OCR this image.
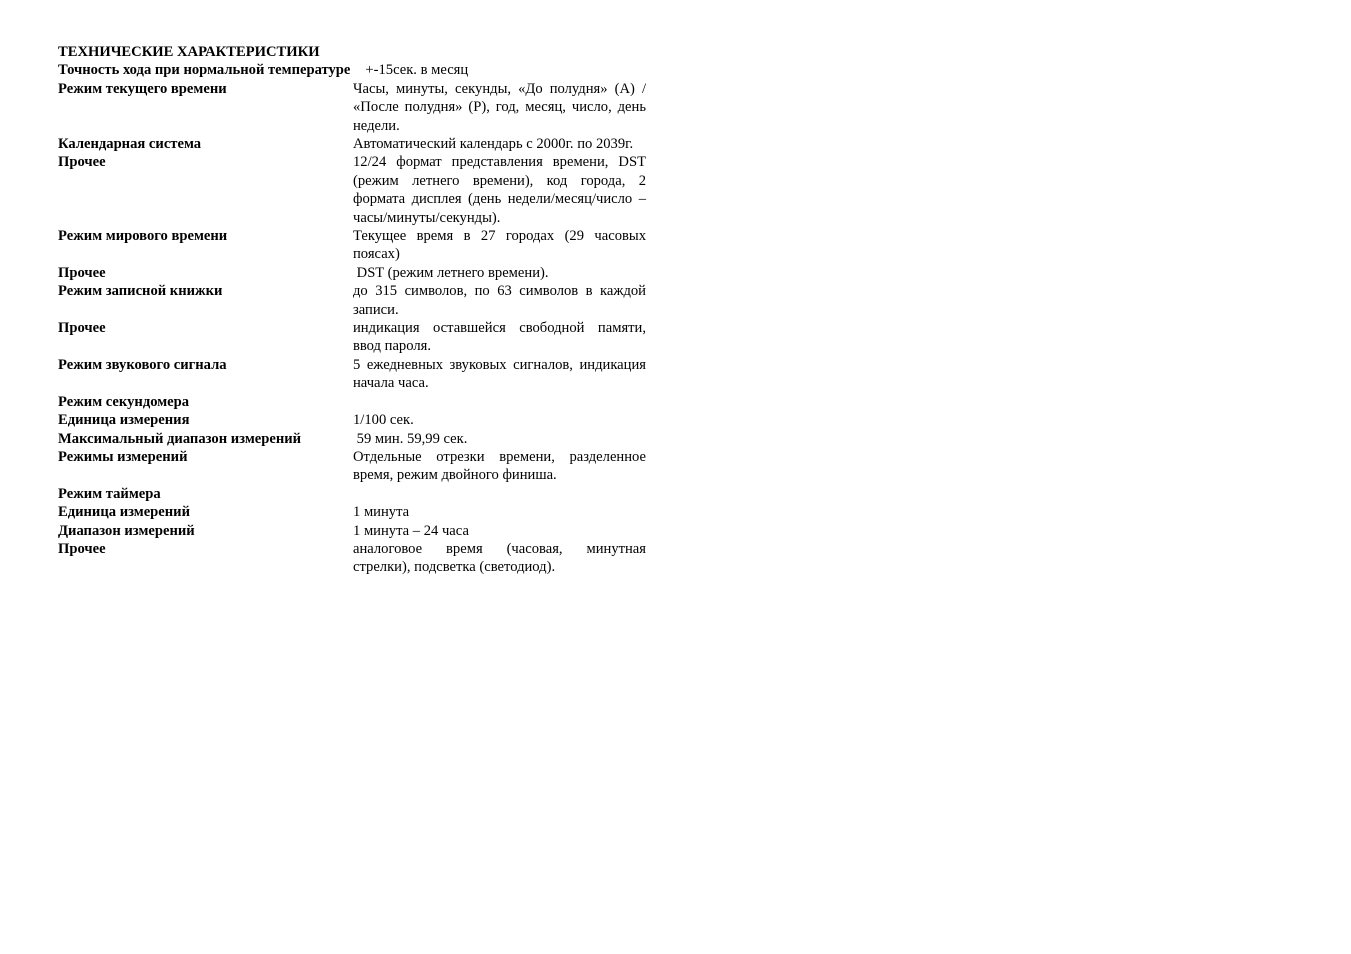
ТЕХНИЧЕСКИЕ ХАРАКТЕРИСТИКИ
Точность хода при нормальной температуре +-15сек. в месяц
Режим текущего времени	Часы, минуты, секунды, «До полудня» (А) / «После полудня» (Р), год, месяц, число, день недели.
Календарная система	Автоматический календарь с 2000г. по 2039г.
Прочее	12/24 формат представления времени, DST (режим летнего времени), код города, 2 формата дисплея (день недели/месяц/число – часы/минуты/секунды).
Режим мирового времени	Текущее время в 27 городах (29 часовых поясах)
Прочее	DST (режим летнего времени).
Режим записной книжки	до 315 символов, по 63 символов в каждой записи.
Прочее	индикация оставшейся свободной памяти, ввод пароля.
Режим звукового сигнала	5 ежедневных звуковых сигналов, индикация начала часа.
Режим секундомера

Единица измерения	1/100 сек.
Максимальный диапазон измерений	59 мин. 59,99 сек.
Режимы измерений	Отдельные отрезки времени, разделенное время, режим двойного финиша.
Режим таймера

Единица измерений	1 минута
Диапазон измерений	1 минута – 24 часа
Прочее	аналоговое время (часовая, минутная стрелки), подсветка (светодиод).
